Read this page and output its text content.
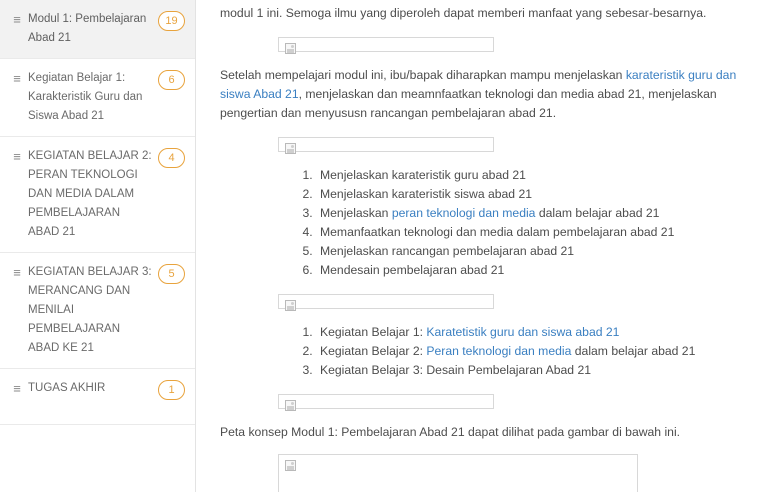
≡ Modul 1: Pembelajaran Abad 21
19
≡ Kegiatan Belajar 1: Karakteristik Guru dan Siswa Abad 21
6
≡ KEGIATAN BELAJAR 2: PERAN TEKNOLOGI DAN MEDIA DALAM PEMBELAJARAN ABAD 21
4
≡ KEGIATAN BELAJAR 3: MERANCANG DAN MENILAI PEMBELAJARAN ABAD KE 21
5
≡ TUGAS AKHIR	1

modul 1 ini. Semoga ilmu yang diperoleh dapat memberi manfaat yang sebesar-besarnya.

Setelah mempelajari modul ini, ibu/bapak diharapkan mampu menjelaskan karateristik guru dan siswa Abad 21, menjelaskan dan meamnfaatkan teknologi dan media abad 21, menjelaskan pengertian dan menyususn rancangan pembelajaran abad 21.

1. Menjelaskan karateristik guru abad 21
2. Menjelaskan karateristik siswa abad 21
3. Menjelaskan peran teknologi dan media dalam belajar abad 21
4. Memanfaatkan teknologi dan media dalam pembelajaran abad 21
5. Menjelaskan rancangan pembelajaran abad 21
6. Mendesain pembelajaran abad 21
1. Kegiatan Belajar 1: Karatetistik guru dan siswa abad 21
2. Kegiatan Belajar 2: Peran teknologi dan media dalam belajar abad 21
3. Kegiatan Belajar 3: Desain Pembelajaran Abad 21

Peta konsep Modul 1: Pembelajaran Abad 21 dapat dilihat pada gambar di bawah ini.
